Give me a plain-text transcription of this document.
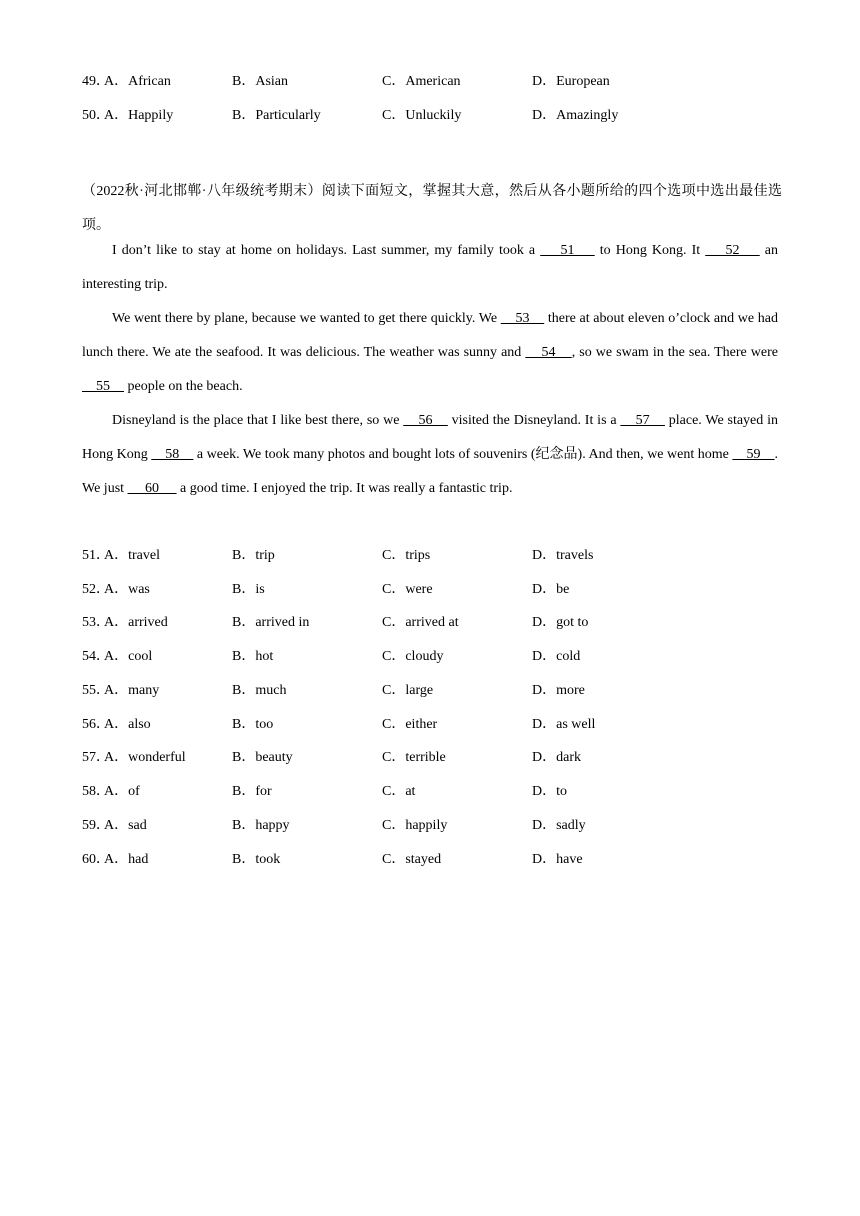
49．
A．African	B．Asian	C．American	D．European
50．
A．Happily	B．Particularly	C．Unluckily	D．Amazingly
（2022秋·河北邯郸·八年级统考期末）阅读下面短文，掌握其大意，然后从各小题所给的四个选项中选出最佳选项。

I don’t like to stay at home on holidays. Last summer, my family took a     51     to Hong Kong. It     52     an interesting trip.

We went there by plane, because we wanted to get there quickly. We     53     there at about eleven o’clock and we had lunch there. We ate the seafood. It was delicious. The weather was sunny and     54    , so we swam in the sea. There were     55     people on the beach.

Disneyland is the place that I like best there, so we     56     visited the Disneyland. It is a     57     place. We stayed in Hong Kong     58     a week. We took many photos and bought lots of souvenirs (纪念品). And then, we went home     59    . We just      60      a good time. I enjoyed the trip. It was really a fantastic trip.

51．
A．travel	B．trip	C．trips	D．travels
52．
A．was	B．is	C．were	D．be
53．
A．arrived	B．arrived in	C．arrived at	D．got to
54．
A．cool	B．hot	C．cloudy	D．cold
55．
A．many	B．much	C．large	D．more
56．
A．also	B．too	C．either	D．as well
57．
A．wonderful	B．beauty	C．terrible	D．dark
58．
A．of	B．for	C．at	D．to
59．
A．sad	B．happy	C．happily	D．sadly
60．
A．had	B．took	C．stayed	D．have
